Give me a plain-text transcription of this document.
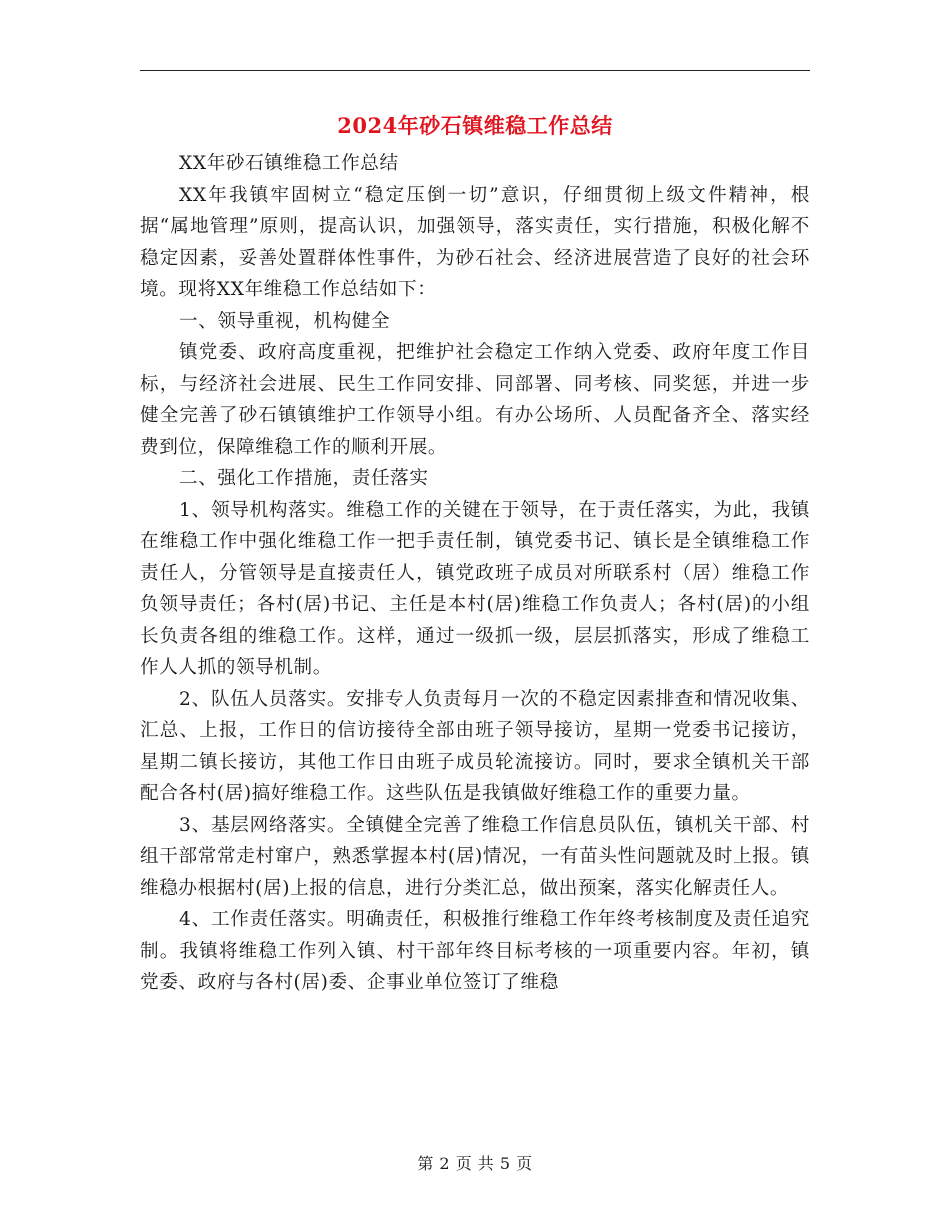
2024年砂石镇维稳工作总结

XX年砂石镇维稳工作总结

XX年我镇牢固树立“稳定压倒一切”意识，仔细贯彻上级文件精神，根据“属地管理”原则，提高认识，加强领导，落实责任，实行措施，积极化解不稳定因素，妥善处置群体性事件，为砂石社会、经济进展营造了良好的社会环境。现将XX年维稳工作总结如下：

一、领导重视，机构健全

镇党委、政府高度重视，把维护社会稳定工作纳入党委、政府年度工作目标，与经济社会进展、民生工作同安排、同部署、同考核、同奖惩，并进一步健全完善了砂石镇镇维护工作领导小组。有办公场所、人员配备齐全、落实经费到位，保障维稳工作的顺利开展。

二、强化工作措施，责任落实

1、领导机构落实。维稳工作的关键在于领导，在于责任落实，为此，我镇在维稳工作中强化维稳工作一把手责任制，镇党委书记、镇长是全镇维稳工作责任人，分管领导是直接责任人，镇党政班子成员对所联系村（居）维稳工作负领导责任；各村(居)书记、主任是本村(居)维稳工作负责人；各村(居)的小组长负责各组的维稳工作。这样，通过一级抓一级，层层抓落实，形成了维稳工作人人抓的领导机制。

2、队伍人员落实。安排专人负责每月一次的不稳定因素排查和情况收集、汇总、上报，工作日的信访接待全部由班子领导接访，星期一党委书记接访，星期二镇长接访，其他工作日由班子成员轮流接访。同时，要求全镇机关干部配合各村(居)搞好维稳工作。这些队伍是我镇做好维稳工作的重要力量。

3、基层网络落实。全镇健全完善了维稳工作信息员队伍，镇机关干部、村组干部常常走村窜户，熟悉掌握本村(居)情况，一有苗头性问题就及时上报。镇维稳办根据村(居)上报的信息，进行分类汇总，做出预案，落实化解责任人。

4、工作责任落实。明确责任，积极推行维稳工作年终考核制度及责任追究制。我镇将维稳工作列入镇、村干部年终目标考核的一项重要内容。年初，镇党委、政府与各村(居)委、企事业单位签订了维稳

第 2 页 共 5 页
